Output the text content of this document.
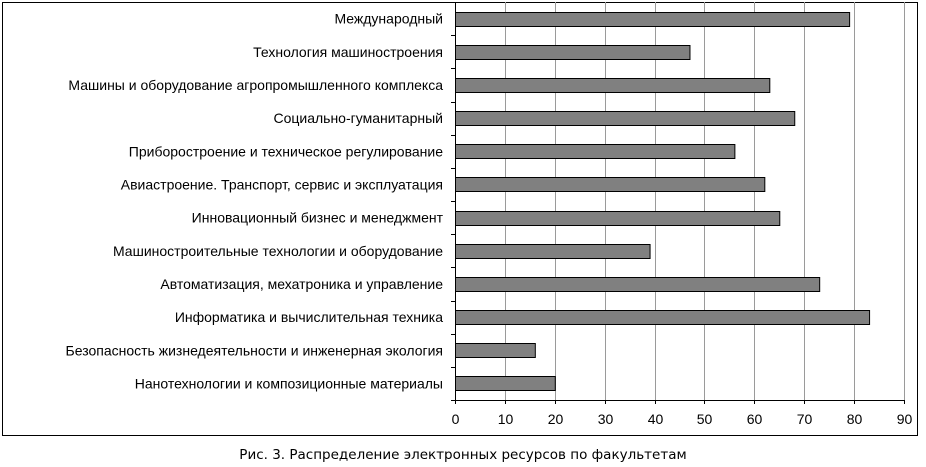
Международный
Технология машиностроения
Машины и оборудование агропромышленного комплекса
Социально-гуманитарный
Приборостроение и техническое регулирование
Авиастроение. Транспорт, сервис и эксплуатация
Инновационный бизнес и менеджмент
Машиностроительные технологии и оборудование
Автоматизация, мехатроника и управление
Информатика и вычислительная техника
Безопасность жизнедеятельности и инженерная экология
Нанотехнологии и композиционные материалы
0	10 20 30 40 50 60 70 80 90
Рис. 3. Распределение электронных ресурсов по факультетам
